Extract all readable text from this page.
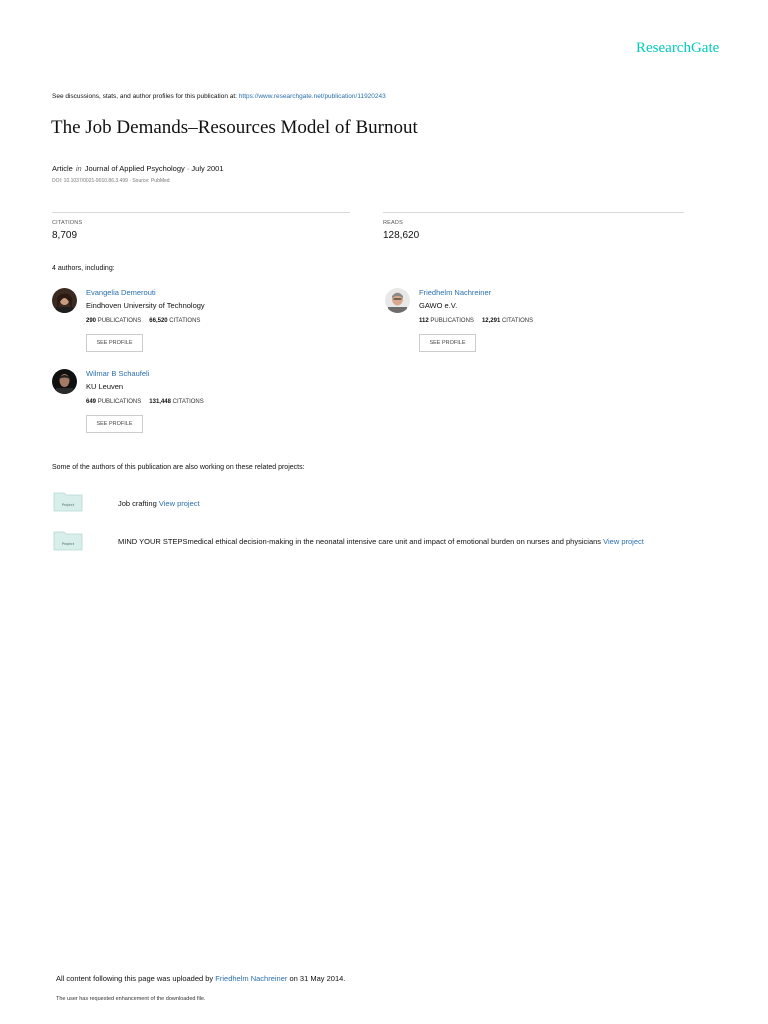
ResearchGate
See discussions, stats, and author profiles for this publication at: https://www.researchgate.net/publication/11920243
The Job Demands–Resources Model of Burnout
Article in Journal of Applied Psychology · July 2001
DOI: 10.1037/0021-9010.86.3.499 · Source: PubMed
CITATIONS
8,709
READS
128,620
4 authors, including:
Evangelia Demerouti
Eindhoven University of Technology
290 PUBLICATIONS 66,520 CITATIONS
SEE PROFILE
Friedhelm Nachreiner
GAWO e.V.
112 PUBLICATIONS 12,291 CITATIONS
SEE PROFILE
Wilmar B Schaufeli
KU Leuven
649 PUBLICATIONS 131,448 CITATIONS
SEE PROFILE
Some of the authors of this publication are also working on these related projects:
Project	Job crafting View project
Project	MIND YOUR STEPSmedical ethical decision-making in the neonatal intensive care unit and impact of emotional burden on nurses and physicians View project
All content following this page was uploaded by Friedhelm Nachreiner on 31 May 2014.
The user has requested enhancement of the downloaded file.
